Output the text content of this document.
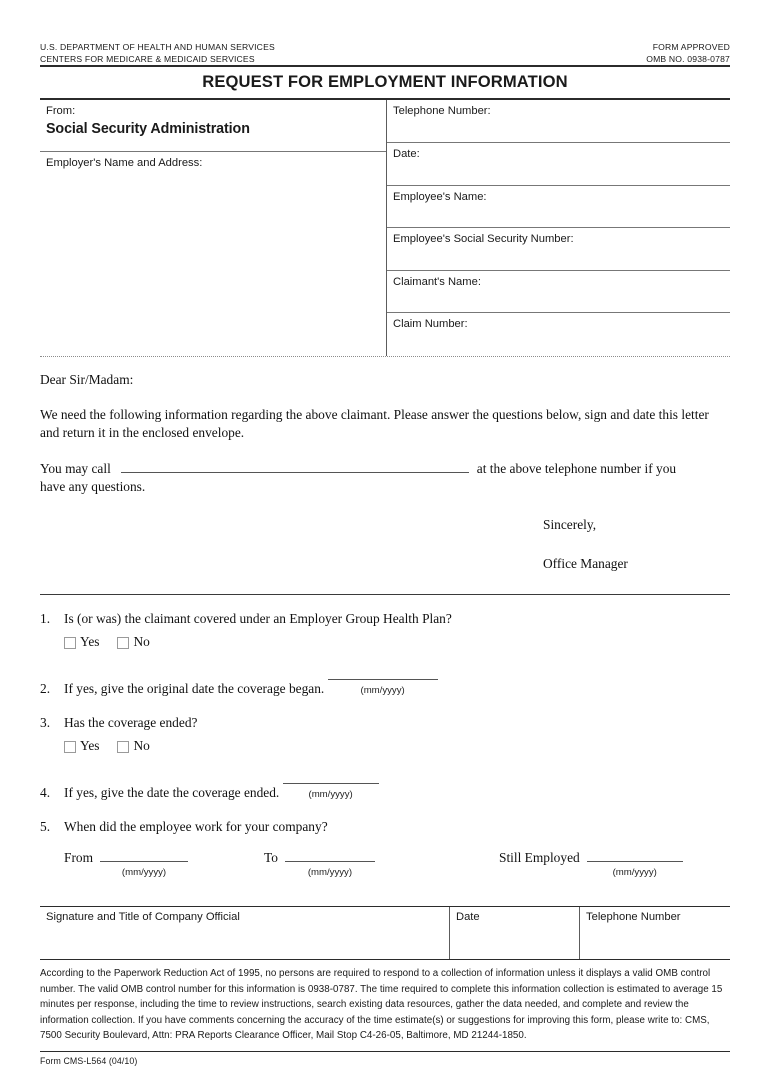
U.S. DEPARTMENT OF HEALTH AND HUMAN SERVICES
CENTERS FOR MEDICARE & MEDICAID SERVICES
FORM APPROVED
OMB NO. 0938-0787
REQUEST FOR EMPLOYMENT INFORMATION
From:
Social Security Administration
Employer's Name and Address:
Telephone Number:
Date:
Employee's Name:
Employee's Social Security Number:
Claimant's Name:
Claim Number:
Dear Sir/Madam:
We need the following information regarding the above claimant. Please answer the questions below, sign and date this letter and return it in the enclosed envelope.
You may call	at the above telephone number if you
have any questions.
Sincerely,
Office Manager
1.	Is (or was) the claimant covered under an Employer Group Health Plan?
Yes	No
2.	If yes, give the original date the coverage began.	(mm/yyyy)
3.	Has the coverage ended?
Yes	No
4.	If yes, give the date the coverage ended.	(mm/yyyy)
5.	When did the employee work for your company?
From
(mm/yyyy)
To
(mm/yyyy)
Still Employed
(mm/yyyy)
Signature and Title of Company Official	Date	Telephone Number
According to the Paperwork Reduction Act of 1995, no persons are required to respond to a collection of information unless it displays a valid OMB control number. The valid OMB control number for this information is 0938-0787. The time required to complete this information collection is estimated to average 15 minutes per response, including the time to review instructions, search existing data resources, gather the data needed, and complete and review the information collection. If you have comments concerning the accuracy of the time estimate(s) or suggestions for improving this form, please write to: CMS, 7500 Security Boulevard, Attn: PRA Reports Clearance Officer, Mail Stop C4-26-05, Baltimore, MD 21244-1850.
Form CMS-L564 (04/10)
